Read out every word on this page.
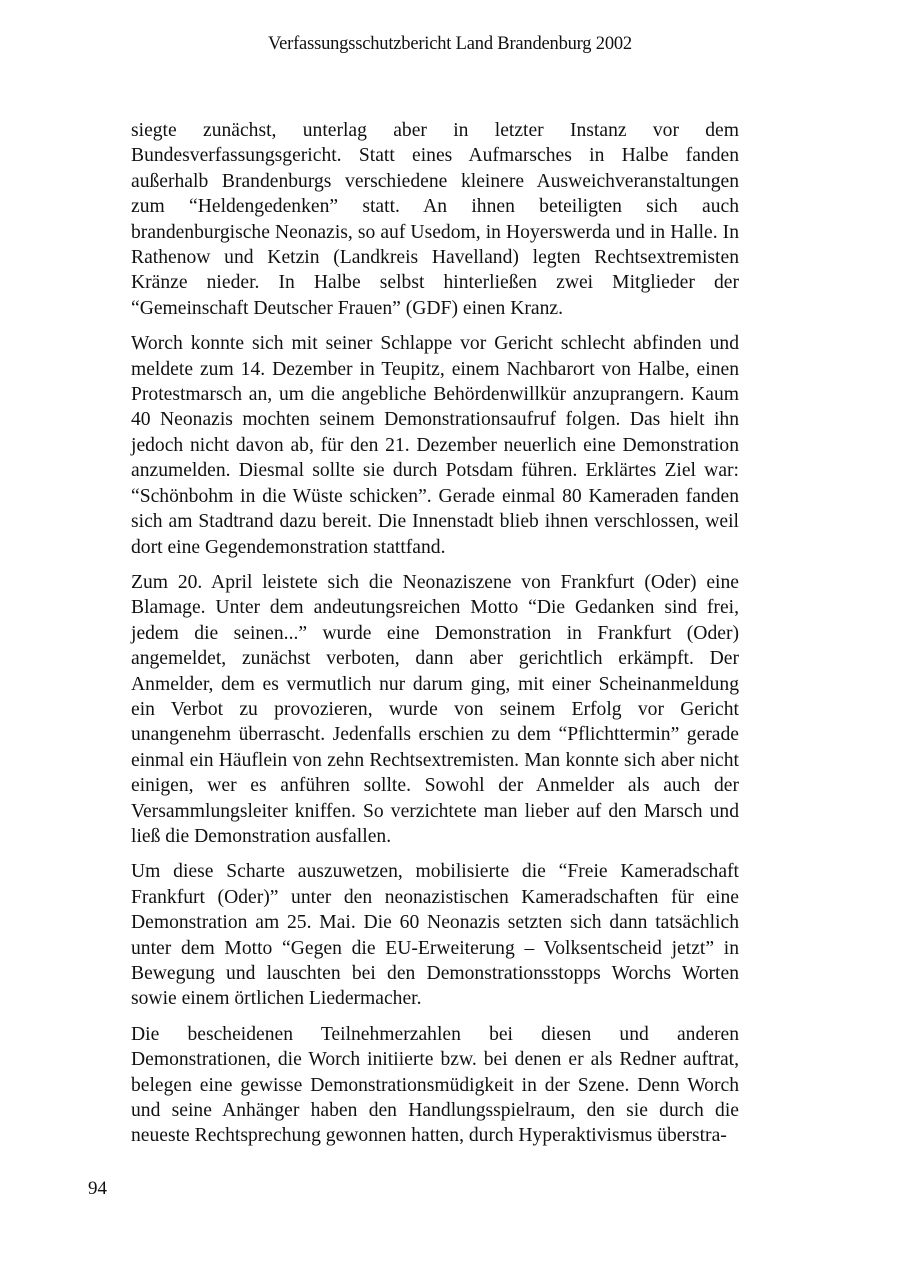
Verfassungsschutzbericht Land Brandenburg 2002

siegte zunächst, unterlag aber in letzter Instanz vor dem Bundesverfassungsgericht. Statt eines Aufmarsches in Halbe fanden außerhalb Brandenburgs verschiedene kleinere Ausweichveranstaltungen zum “Heldengedenken” statt. An ihnen beteiligten sich auch brandenburgische Neonazis, so auf Usedom, in Hoyerswerda und in Halle. In Rathenow und Ketzin (Landkreis Havelland) legten Rechtsextremisten Kränze nieder. In Halbe selbst hinterließen zwei Mitglieder der “Gemeinschaft Deutscher Frauen” (GDF) einen Kranz.

Worch konnte sich mit seiner Schlappe vor Gericht schlecht abfinden und meldete zum 14. Dezember in Teupitz, einem Nachbarort von Halbe, einen Protestmarsch an, um die angebliche Behördenwillkür anzuprangern. Kaum 40 Neonazis mochten seinem Demonstrationsaufruf folgen. Das hielt ihn jedoch nicht davon ab, für den 21. Dezember neuerlich eine Demonstration anzumelden. Diesmal sollte sie durch Potsdam führen. Erklärtes Ziel war: “Schönbohm in die Wüste schicken”. Gerade einmal 80 Kameraden fanden sich am Stadtrand dazu bereit. Die Innenstadt blieb ihnen verschlossen, weil dort eine Gegendemonstration stattfand.

Zum 20. April leistete sich die Neonaziszene von Frankfurt (Oder) eine Blamage. Unter dem andeutungsreichen Motto “Die Gedanken sind frei, jedem die seinen...” wurde eine Demonstration in Frankfurt (Oder) angemeldet, zunächst verboten, dann aber gerichtlich erkämpft. Der Anmelder, dem es vermutlich nur darum ging, mit einer Scheinanmeldung ein Verbot zu provozieren, wurde von seinem Erfolg vor Gericht unangenehm überrascht. Jedenfalls erschien zu dem “Pflichttermin” gerade einmal ein Häuflein von zehn Rechtsextremisten. Man konnte sich aber nicht einigen, wer es anführen sollte. Sowohl der Anmelder als auch der Versammlungsleiter kniffen. So verzichtete man lieber auf den Marsch und ließ die Demonstration ausfallen.

Um diese Scharte auszuwetzen, mobilisierte die “Freie Kameradschaft Frankfurt (Oder)” unter den neonazistischen Kameradschaften für eine Demonstration am 25. Mai. Die 60 Neonazis setzten sich dann tatsächlich unter dem Motto “Gegen die EU-Erweiterung – Volksentscheid jetzt” in Bewegung und lauschten bei den Demonstrationsstopps Worchs Worten sowie einem örtlichen Liedermacher.

Die bescheidenen Teilnehmerzahlen bei diesen und anderen Demonstrationen, die Worch initiierte bzw. bei denen er als Redner auftrat, belegen eine gewisse Demonstrationsmüdigkeit in der Szene. Denn Worch und seine Anhänger haben den Handlungsspielraum, den sie durch die neueste Rechtsprechung gewonnen hatten, durch Hyperaktivismus überstra-

94
